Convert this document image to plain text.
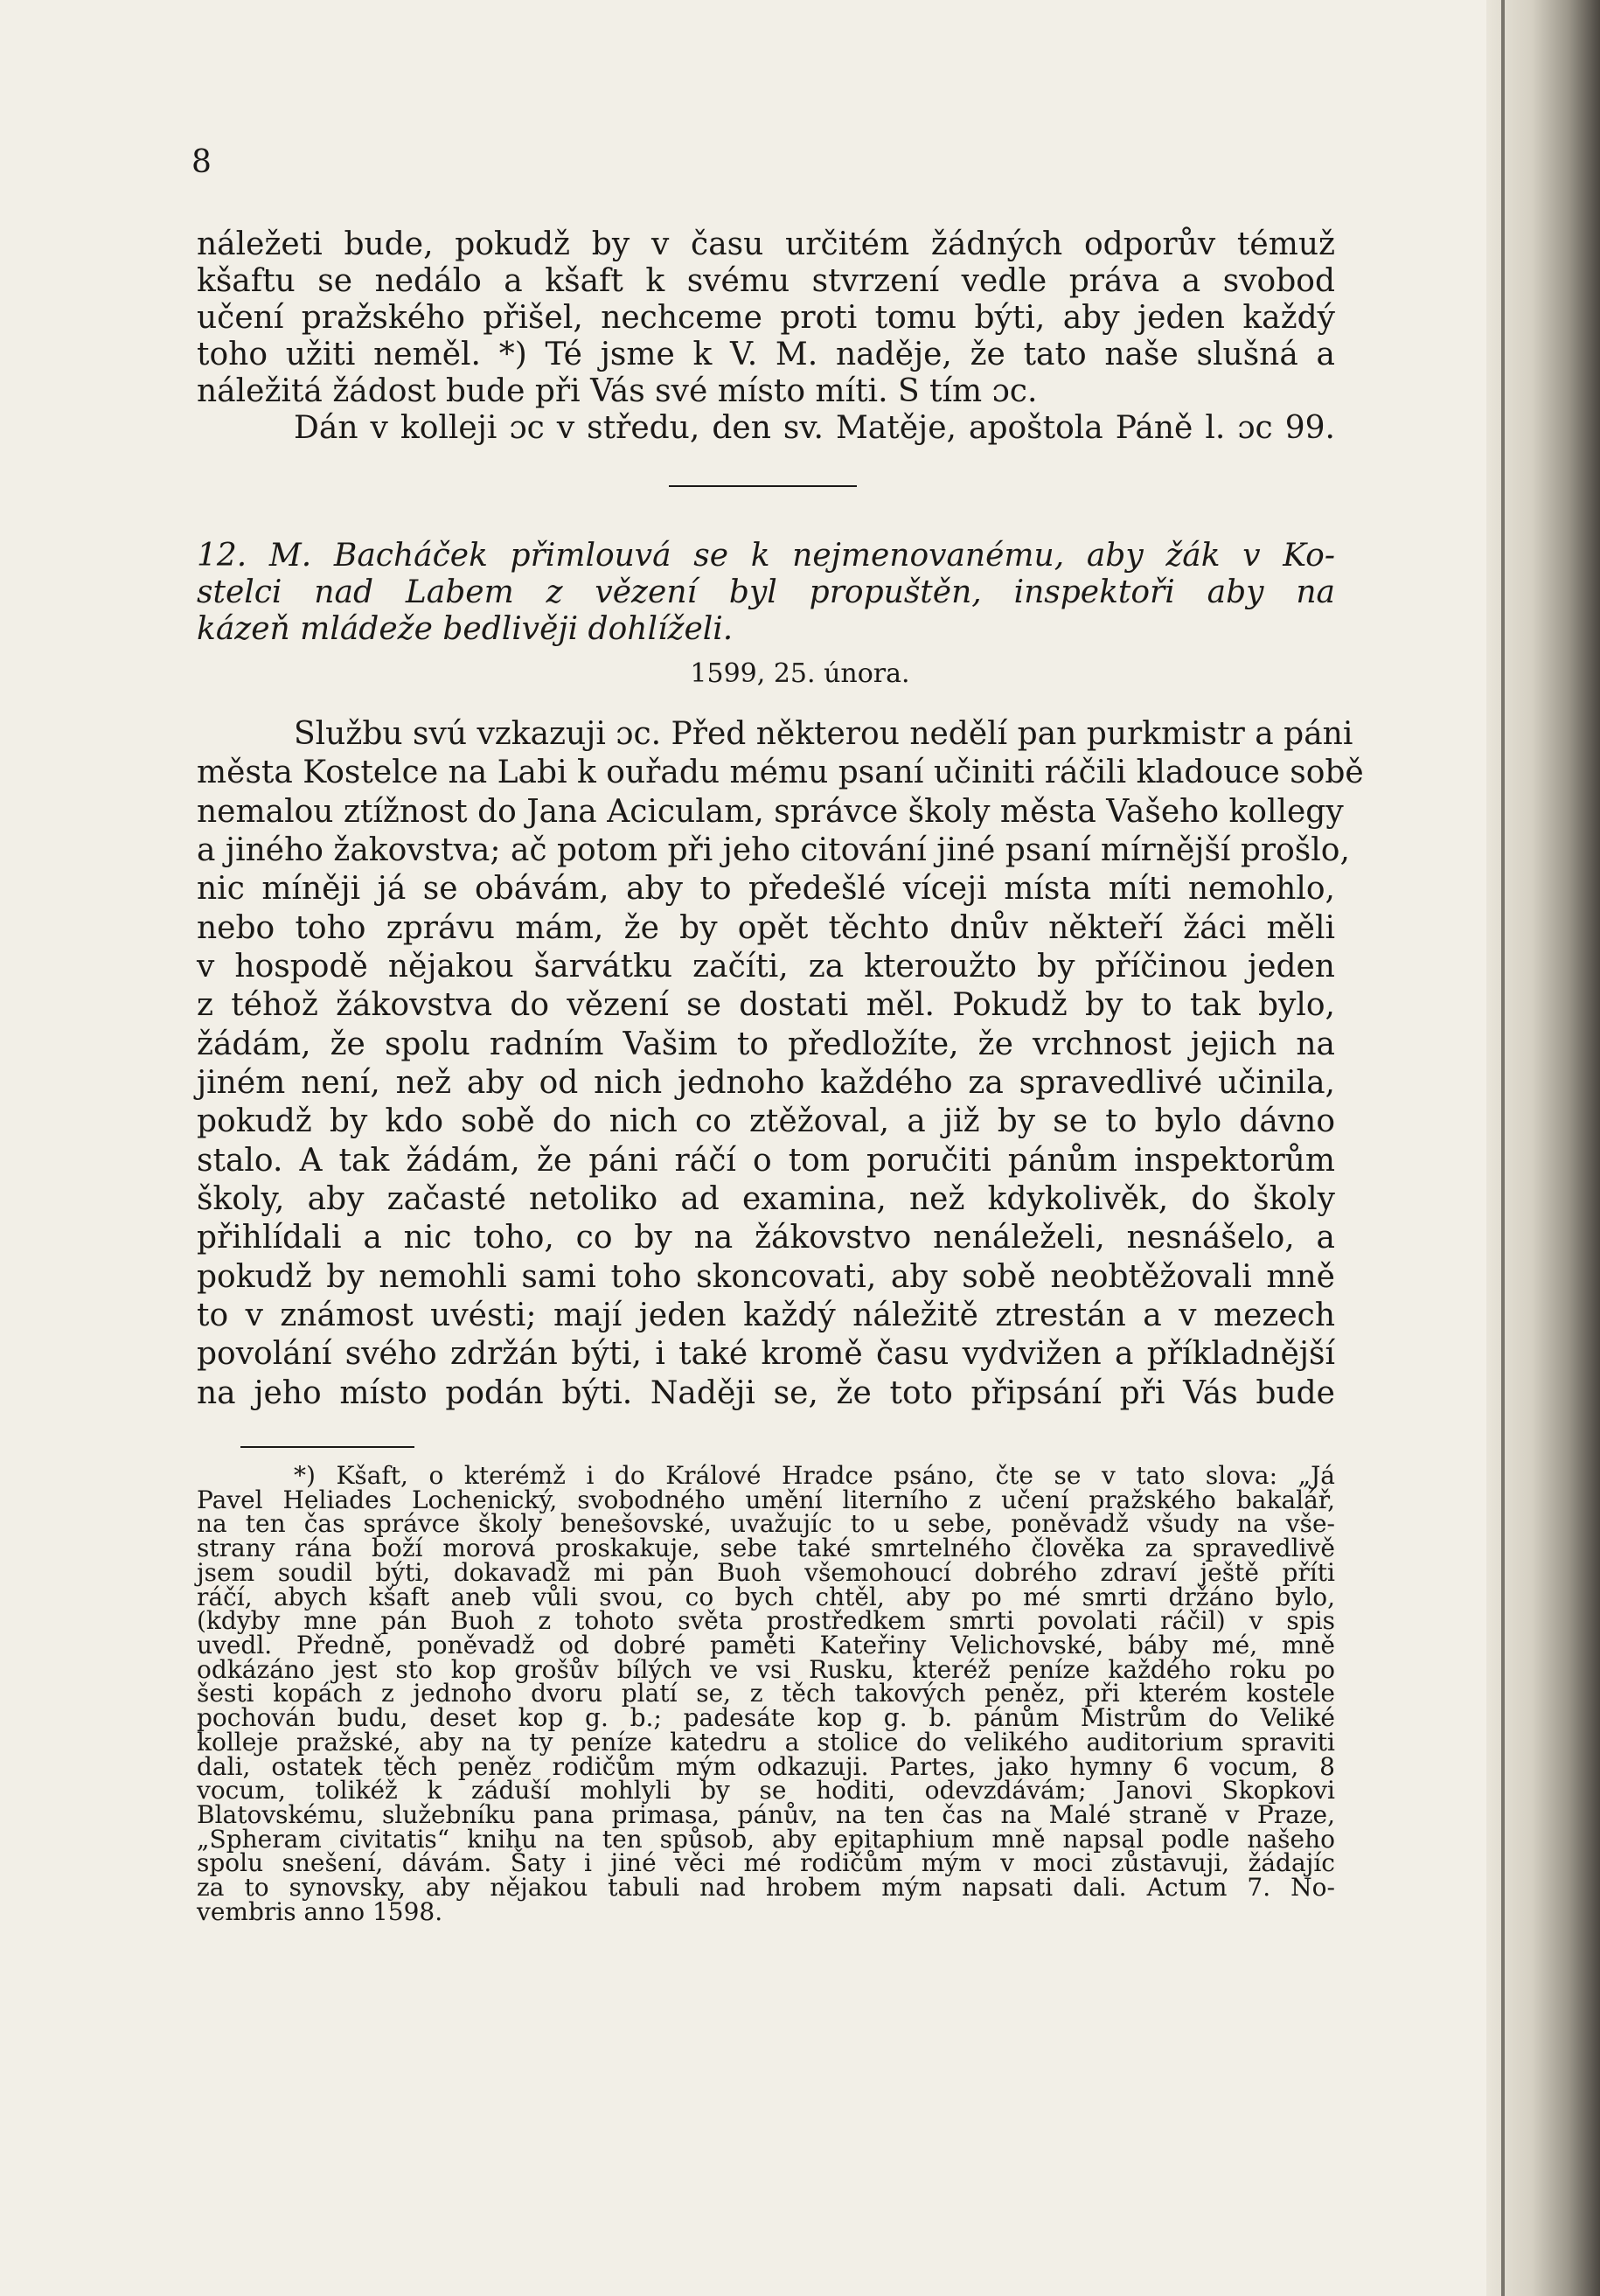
8

náležeti bude, pokudž by v času určitém žádných odporův témuž

kšaftu se nedálo a kšaft k svému stvrzení vedle práva a svobod

učení pražského přišel, nechceme proti tomu býti, aby jeden každý

toho užiti neměl. *) Té jsme k V. M. naděje, že tato naše slušná a

náležitá žádost bude při Vás své místo míti. S tím ɔc.

Dán v kolleji ɔc v středu, den sv. Matěje, apoštola Páně l. ɔc 99.

12. M. Bacháček přimlouvá se k nejmenovanému, aby žák v Ko-

stelci nad Labem z vězení byl propuštěn, inspektoři aby na

kázeň mládeže bedlivěji dohlíželi.

1599, 25. února.

Službu svú vzkazuji ɔc. Před některou nedělí pan purkmistr a páni

města Kostelce na Labi k ouřadu mému psaní učiniti ráčili kladouce sobě

nemalou ztížnost do Jana Aciculam, správce školy města Vašeho kollegy

a jiného žakovstva; ač potom při jeho citování jiné psaní mírnější prošlo,

nic míněji já se obávám, aby to předešlé víceji místa míti nemohlo,

nebo toho zprávu mám, že by opět těchto dnův někteří žáci měli

v hospodě nějakou šarvátku začíti, za kteroužto by příčinou jeden

z téhož žákovstva do vězení se dostati měl. Pokudž by to tak bylo,

žádám, že spolu radním Vašim to předložíte, že vrchnost jejich na

jiném není, než aby od nich jednoho každého za spravedlivé učinila,

pokudž by kdo sobě do nich co ztěžoval, a již by se to bylo dávno

stalo. A tak žádám, že páni ráčí o tom poručiti pánům inspektorům

školy, aby začasté netoliko ad examina, než kdykolivěk, do školy

přihlídali a nic toho, co by na žákovstvo nenáleželi, nesnášelo, a

pokudž by nemohli sami toho skoncovati, aby sobě neobtěžovali mně

to v známost uvésti; mají jeden každý náležitě ztrestán a v mezech

povolání svého zdržán býti, i také kromě času vydvižen a příkladnější

na jeho místo podán býti. Naději se, že toto připsání při Vás bude

*) Kšaft, o kterémž i do Králové Hradce psáno, čte se v tato slova: „Já

Pavel Heliades Lochenický, svobodného umění literního z učení pražského bakalář,

na ten čas správce školy benešovské, uvažujíc to u sebe, poněvadž všudy na vše-

strany rána boží morová proskakuje, sebe také smrtelného člověka za spravedlivě

jsem soudil býti, dokavadž mi pán Buoh všemohoucí dobrého zdraví ještě příti

ráčí, abych kšaft aneb vůli svou, co bych chtěl, aby po mé smrti držáno bylo,

(kdyby mne pán Buoh z tohoto světa prostředkem smrti povolati ráčil) v spis

uvedl. Předně, poněvadž od dobré paměti Kateřiny Velichovské, báby mé, mně

odkázáno jest sto kop grošův bílých ve vsi Rusku, kteréž peníze každého roku po

šesti kopách z jednoho dvoru platí se, z těch takových peněz, při kterém kostele

pochován budu, deset kop g. b.; padesáte kop g. b. pánům Mistrům do Veliké

kolleje pražské, aby na ty peníze katedru a stolice do velikého auditorium spraviti

dali, ostatek těch peněz rodičům mým odkazuji. Partes, jako hymny 6 vocum, 8

vocum, tolikéž k záduší mohlyli by se hoditi, odevzdávám; Janovi Skopkovi

Blatovskému, služebníku pana primasa, pánův, na ten čas na Malé straně v Praze,

„Spheram civitatis“ knihu na ten spůsob, aby epitaphium mně napsal podle našeho

spolu snešení, dávám. Šaty i jiné věci mé rodičům mým v moci zůstavuji, žádajíc

za to synovsky, aby nějakou tabuli nad hrobem mým napsati dali. Actum 7. No-

vembris anno 1598.
